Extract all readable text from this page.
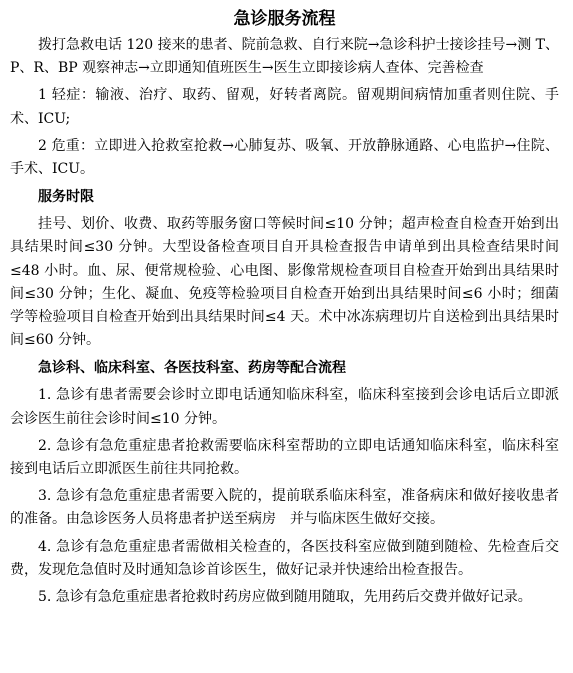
急诊服务流程

拨打急救电话 120 接来的患者、院前急救、自行来院→急诊科护士接诊挂号→测 T、P、R、BP 观察神志→立即通知值班医生→医生立即接诊病人查体、完善检查

1 轻症：输液、治疗、取药、留观，好转者离院。留观期间病情加重者则住院、手术、ICU;

2 危重：立即进入抢救室抢救→心肺复苏、吸氧、开放静脉通路、心电监护→住院、手术、ICU。

服务时限

挂号、划价、收费、取药等服务窗口等候时间≤10 分钟；超声检查自检查开始到出具结果时间≤30 分钟。大型设备检查项目自开具检查报告申请单到出具检查结果时间≤48 小时。血、尿、便常规检验、心电图、影像常规检查项目自检查开始到出具结果时间≤30 分钟；生化、凝血、免疫等检验项目自检查开始到出具结果时间≤6 小时；细菌学等检验项目自检查开始到出具结果时间≤4 天。术中冰冻病理切片自送检到出具结果时间≤60 分钟。

急诊科、临床科室、各医技科室、药房等配合流程

1. 急诊有患者需要会诊时立即电话通知临床科室，临床科室接到会诊电话后立即派会诊医生前往会诊时间≤10 分钟。

2. 急诊有急危重症患者抢救需要临床科室帮助的立即电话通知临床科室，临床科室接到电话后立即派医生前往共同抢救。

3. 急诊有急危重症患者需要入院的，提前联系临床科室，准备病床和做好接收患者的准备。由急诊医务人员将患者护送至病房　并与临床医生做好交接。

4. 急诊有急危重症患者需做相关检查的，各医技科室应做到随到随检、先检查后交费，发现危急值时及时通知急诊首诊医生，做好记录并快速给出检查报告。

5. 急诊有急危重症患者抢救时药房应做到随用随取，先用药后交费并做好记录。
